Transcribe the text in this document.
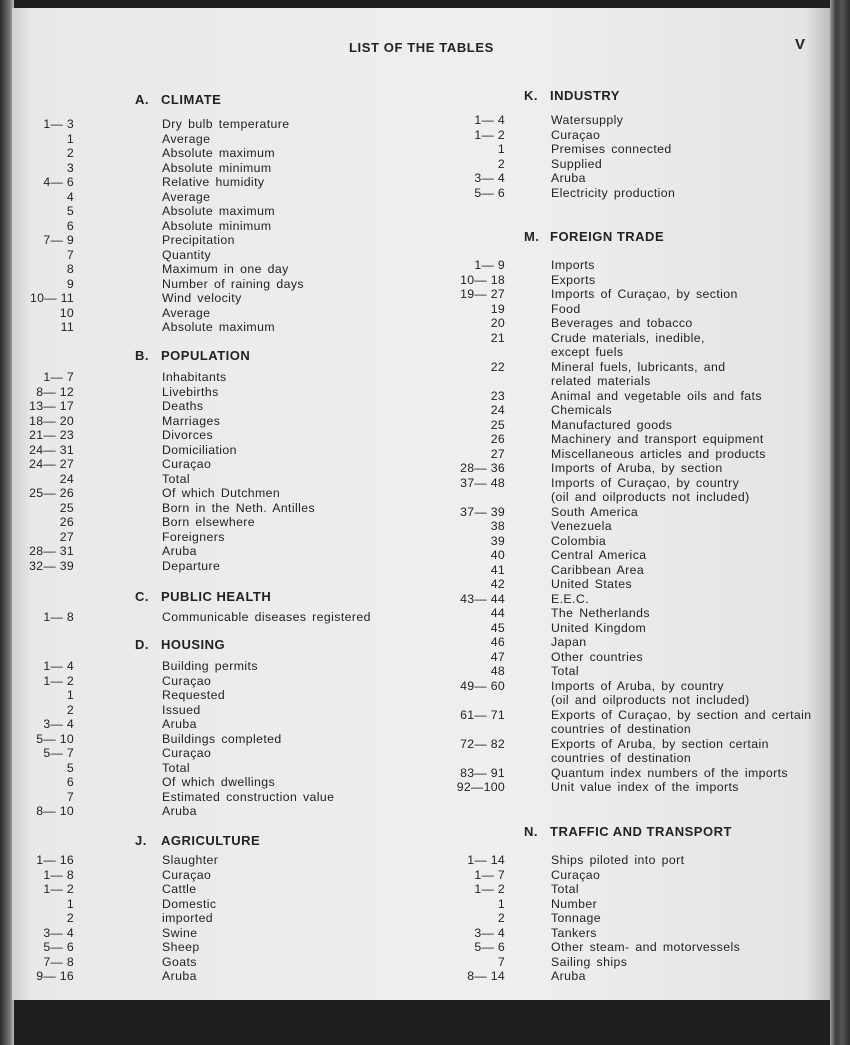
LIST OF THE TABLES	V
A. CLIMATE
1— 3	Dry bulb temperature
1	Average
2	Absolute maximum
3	Absolute minimum
4— 6	Relative humidity
4	Average
5	Absolute maximum
6	Absolute minimum
7— 9	Precipitation
7	Quantity
8	Maximum in one day
9	Number of raining days
10— 11	Wind velocity
10	Average
11	Absolute maximum
B. POPULATION
1— 7	Inhabitants
8— 12	Livebirths
13— 17	Deaths
18— 20	Marriages
21— 23	Divorces
24— 31	Domiciliation
24— 27	Curaçao
24	Total
25— 26	Of which Dutchmen
25	Born in the Neth. Antilles
26	Born elsewhere
27	Foreigners
28— 31	Aruba
32— 39	Departure
C. PUBLIC HEALTH
1— 8	Communicable diseases registered
D. HOUSING
1— 4	Building permits
1— 2	Curaçao
1	Requested
2	Issued
3— 4	Aruba
5— 10	Buildings completed
5— 7	Curaçao
5	Total
6	Of which dwellings
7	Estimated construction value
8— 10	Aruba
J. AGRICULTURE
1— 16	Slaughter
1— 8	Curaçao
1— 2	Cattle
1	Domestic
2	imported
3— 4	Swine
5— 6	Sheep
7— 8	Goats
9— 16	Aruba
K. INDUSTRY
1— 4	Watersupply
1— 2	Curaçao
1	Premises connected
2	Supplied
3— 4	Aruba
5— 6	Electricity production
M. FOREIGN TRADE
1— 9	Imports
10— 18	Exports
19— 27	Imports of Curaçao, by section
19	Food
20	Beverages and tobacco
21	Crude materials, inedible,
except fuels
22	Mineral fuels, lubricants, and
related materials
23	Animal and vegetable oils and fats
24	Chemicals
25	Manufactured goods
26	Machinery and transport equipment
27	Miscellaneous articles and products
28— 36	Imports of Aruba, by section
37— 48	Imports of Curaçao, by country
(oil and oilproducts not included)
37— 39	South America
38	Venezuela
39	Colombia
40	Central America
41	Caribbean Area
42	United States
43— 44	E.E.C.
44	The Netherlands
45	United Kingdom
46	Japan
47	Other countries
48	Total
49— 60	Imports of Aruba, by country
(oil and oilproducts not included)
61— 71	Exports of Curaçao, by section and certain
countries of destination
72— 82	Exports of Aruba, by section certain
countries of destination
83— 91	Quantum index numbers of the imports
92—100	Unit value index of the imports
N. TRAFFIC AND TRANSPORT
1— 14	Ships piloted into port
1— 7	Curaçao
1— 2	Total
1	Number
2	Tonnage
3— 4	Tankers
5— 6	Other steam- and motorvessels
7	Sailing ships
8— 14	Aruba
